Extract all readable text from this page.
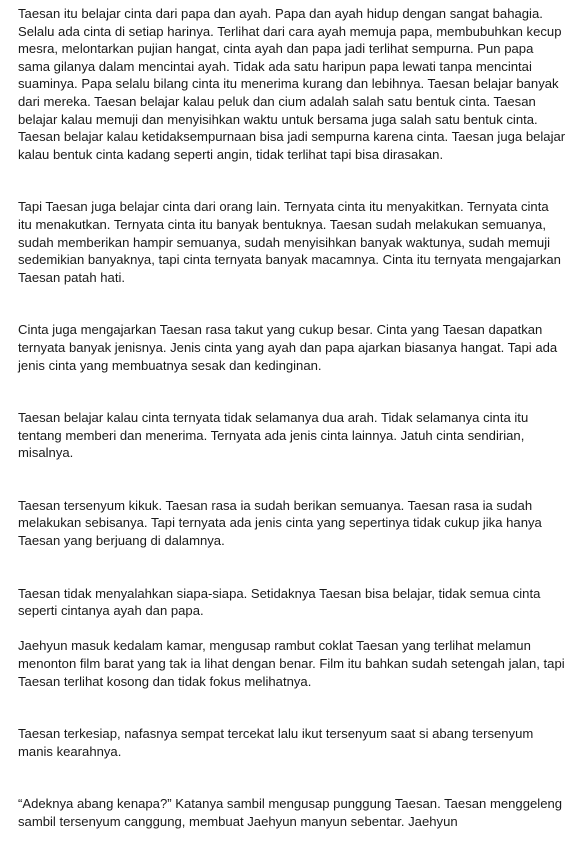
Taesan itu belajar cinta dari papa dan ayah. Papa dan ayah hidup dengan sangat bahagia. Selalu ada cinta di setiap harinya. Terlihat dari cara ayah memuja papa, membubuhkan kecup mesra, melontarkan pujian hangat, cinta ayah dan papa jadi terlihat sempurna. Pun papa sama gilanya dalam mencintai ayah. Tidak ada satu haripun papa lewati tanpa mencintai suaminya. Papa selalu bilang cinta itu menerima kurang dan lebihnya. Taesan belajar banyak dari mereka. Taesan belajar kalau peluk dan cium adalah salah satu bentuk cinta. Taesan belajar kalau memuji dan menyisihkan waktu untuk bersama juga salah satu bentuk cinta. Taesan belajar kalau ketidaksempurnaan bisa jadi sempurna karena cinta. Taesan juga belajar kalau bentuk cinta kadang seperti angin, tidak terlihat tapi bisa dirasakan.

Tapi Taesan juga belajar cinta dari orang lain. Ternyata cinta itu menyakitkan. Ternyata cinta itu menakutkan. Ternyata cinta itu banyak bentuknya. Taesan sudah melakukan semuanya, sudah memberikan hampir semuanya, sudah menyisihkan banyak waktunya, sudah memuji sedemikian banyaknya, tapi cinta ternyata banyak macamnya. Cinta itu ternyata mengajarkan Taesan patah hati.

Cinta juga mengajarkan Taesan rasa takut yang cukup besar. Cinta yang Taesan dapatkan ternyata banyak jenisnya. Jenis cinta yang ayah dan papa ajarkan biasanya hangat. Tapi ada jenis cinta yang membuatnya sesak dan kedinginan.

Taesan belajar kalau cinta ternyata tidak selamanya dua arah. Tidak selamanya cinta itu tentang memberi dan menerima. Ternyata ada jenis cinta lainnya. Jatuh cinta sendirian, misalnya.

Taesan tersenyum kikuk. Taesan rasa ia sudah berikan semuanya. Taesan rasa ia sudah melakukan sebisanya. Tapi ternyata ada jenis cinta yang sepertinya tidak cukup jika hanya Taesan yang berjuang di dalamnya.

Taesan tidak menyalahkan siapa-siapa. Setidaknya Taesan bisa belajar, tidak semua cinta seperti cintanya ayah dan papa.

Jaehyun masuk kedalam kamar, mengusap rambut coklat Taesan yang terlihat melamun menonton film barat yang tak ia lihat dengan benar. Film itu bahkan sudah setengah jalan, tapi Taesan terlihat kosong dan tidak fokus melihatnya.

Taesan terkesiap, nafasnya sempat tercekat lalu ikut tersenyum saat si abang tersenyum manis kearahnya.

“Adeknya abang kenapa?” Katanya sambil mengusap punggung Taesan. Taesan menggeleng sambil tersenyum canggung, membuat Jaehyun manyun sebentar. Jaehyun
